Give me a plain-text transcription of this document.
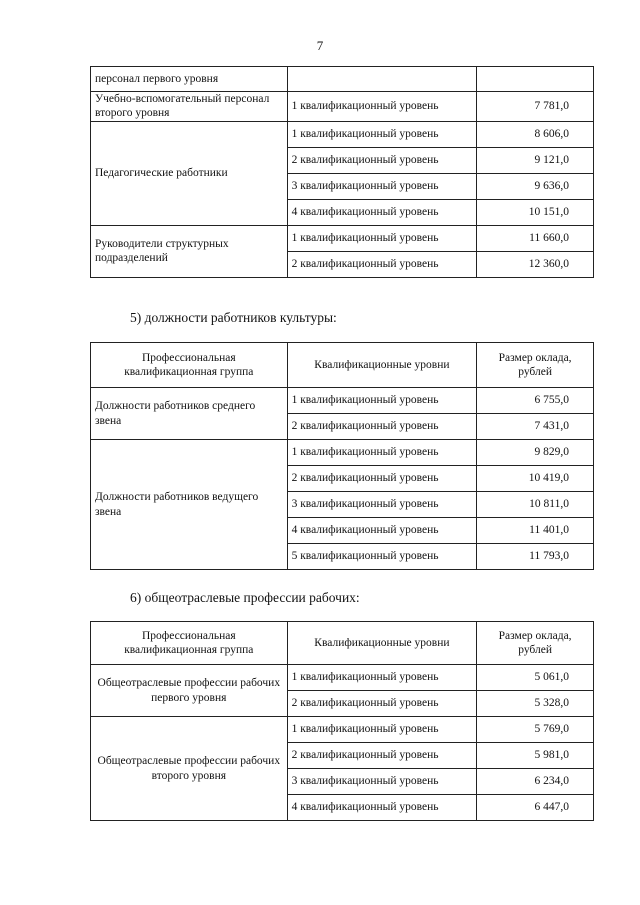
7
персонал первого уровня		
Учебно-вспомогательный персонал второго уровня	1 квалификационный уровень	7 781,0
Педагогические работники	1 квалификационный уровень	8 606,0
	2 квалификационный уровень	9 121,0
	3 квалификационный уровень	9 636,0
	4 квалификационный уровень	10 151,0
Руководители структурных подразделений	1 квалификационный уровень	11 660,0
	2 квалификационный уровень	12 360,0
5) должности работников культуры:
Профессиональная квалификационная группа	Квалификационные уровни	Размер оклада, рублей
Должности работников среднего звена	1 квалификационный уровень	6 755,0
	2 квалификационный уровень	7 431,0
Должности работников ведущего звена	1 квалификационный уровень	9 829,0
	2 квалификационный уровень	10 419,0
	3 квалификационный уровень	10 811,0
	4 квалификационный уровень	11 401,0
	5 квалификационный уровень	11 793,0
6) общеотраслевые профессии рабочих:
Профессиональная квалификационная группа	Квалификационные уровни	Размер оклада, рублей
Общеотраслевые профессии рабочих первого уровня	1 квалификационный уровень	5 061,0
	2 квалификационный уровень	5 328,0
Общеотраслевые профессии рабочих второго уровня	1 квалификационный уровень	5 769,0
	2 квалификационный уровень	5 981,0
	3 квалификационный уровень	6 234,0
	4 квалификационный уровень	6 447,0
